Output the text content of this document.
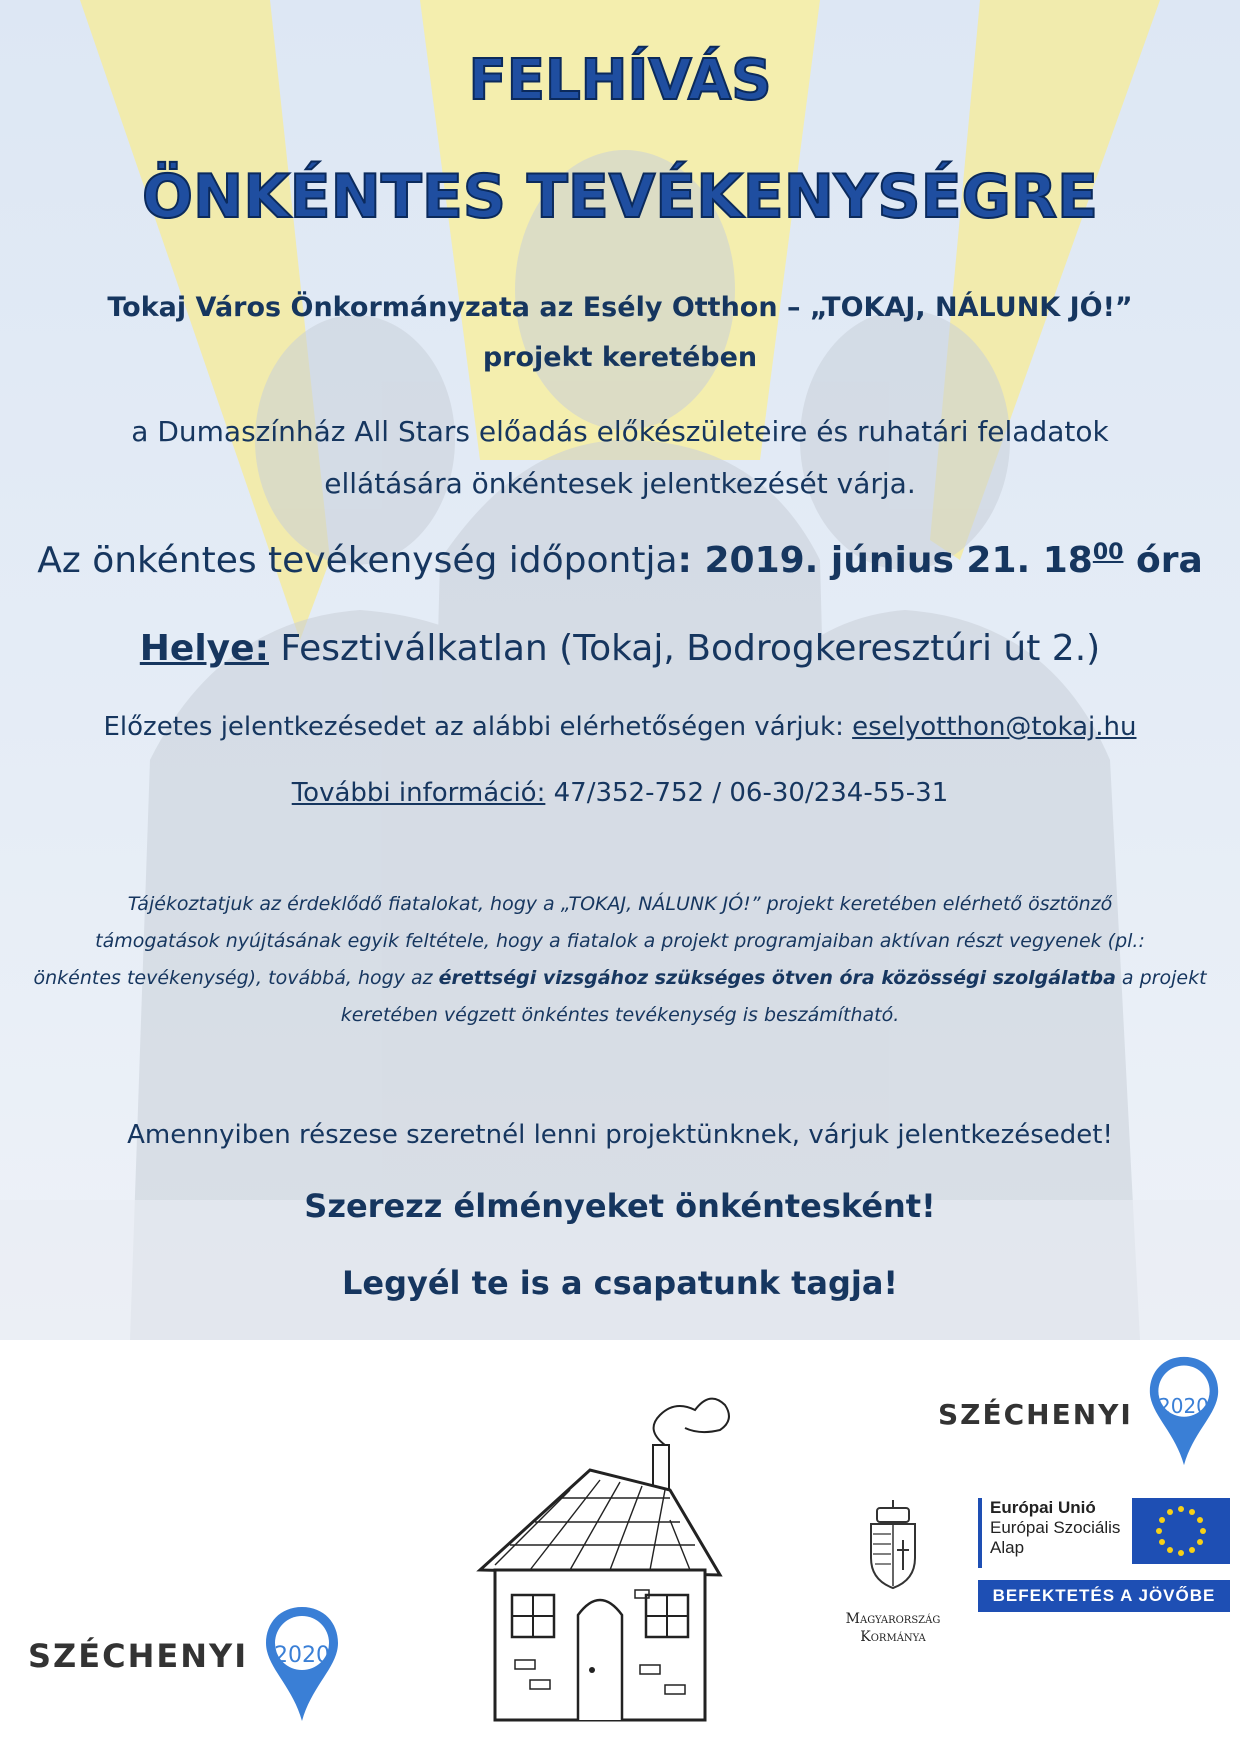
FELHÍVÁS
ÖNKÉNTES TEVÉKENYSÉGRE
Tokaj Város Önkormányzata az Esély Otthon – „TOKAJ, NÁLUNK JÓ!”
projekt keretében
a Dumaszínház All Stars előadás előkészületeire és ruhatári feladatok
ellátására önkéntesek jelentkezését várja.
Az önkéntes tevékenység időpontja: 2019. június 21. $18^{00}$ óra
Helye: Fesztiválkatlan (Tokaj, Bodrogkeresztúri út 2.)
Előzetes jelentkezésedet az alábbi elérhetőségen várjuk: eselyotthon@tokaj.hu
További információ: 47/352-752 / 06-30/234-55-31
Tájékoztatjuk az érdeklődő fiatalokat, hogy a „TOKAJ, NÁLUNK JÓ!” projekt keretében elérhető ösztönző
támogatások nyújtásának egyik feltétele, hogy a fiatalok a projekt programjaiban aktívan részt vegyenek (pl.:
önkéntes tevékenység), továbbá, hogy az érettségi vizsgához szükséges ötven óra közösségi szolgálatba a projekt
keretében végzett önkéntes tevékenység is beszámítható.
Amennyiben részese szeretnél lenni projektünknek, várjuk jelentkezésedet!
Szerezz élményeket önkéntesként!
Legyél te is a csapatunk tagja!
SZÉCHENYI 2020
SZÉCHENYI 2020
Magyarország
Kormánya
Európai Unió
Európai Szociális
Alap
BEFEKTETÉS A JÖVŐBE
